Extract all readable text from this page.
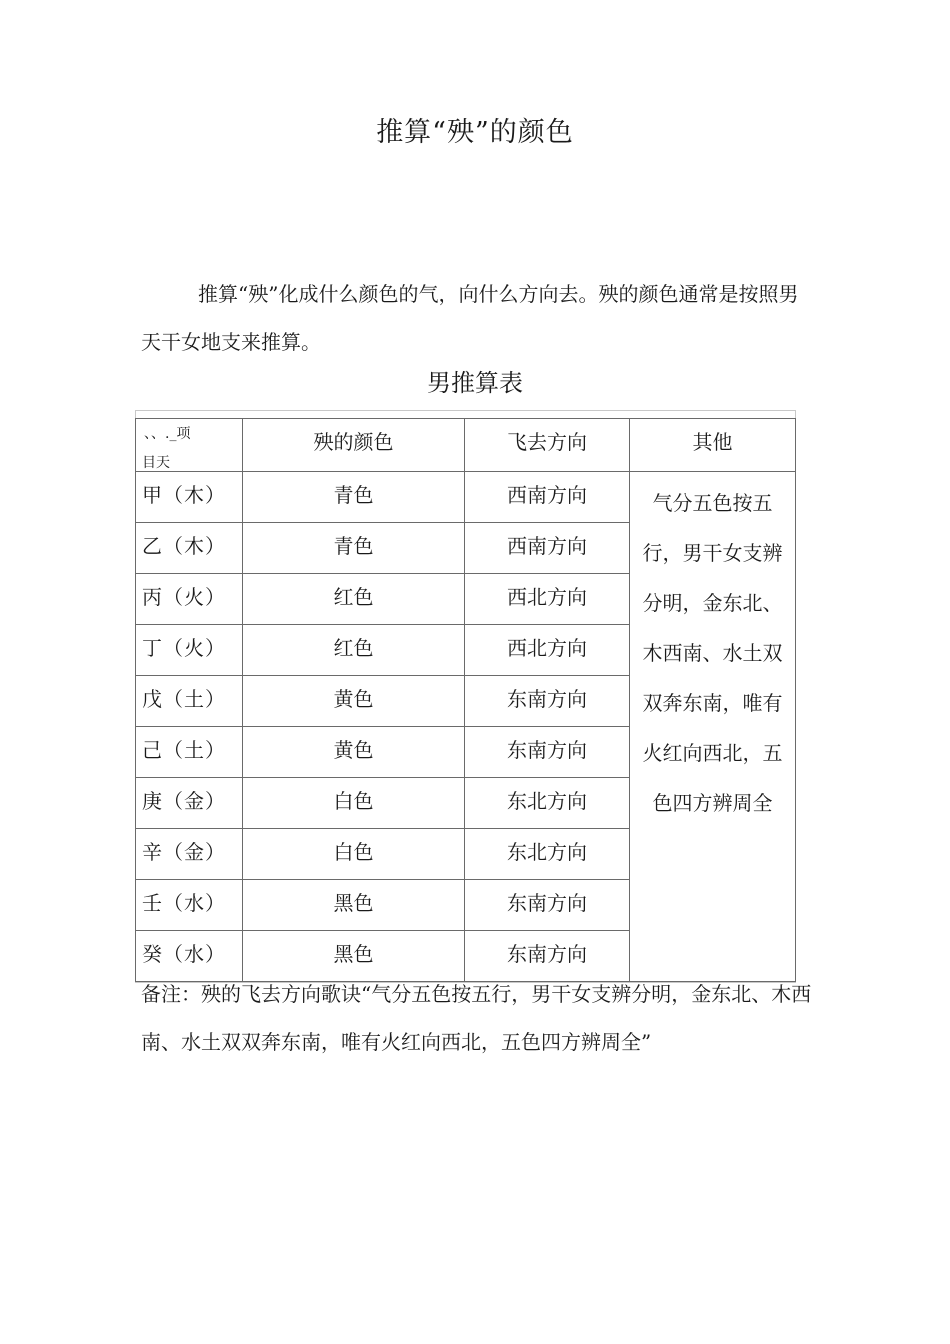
推算“殃”的颜色
推算“殃”化成什么颜色的气，向什么方向去。殃的颜色通常是按照男天干女地支来推算。
男推算表
、、._项
目天	殃的颜色	飞去方向	其他
甲（木）	青色	西南方向	气分五色按五行，男干女支辨分明，金东北、木西南、水土双双奔东南，唯有火红向西北，五色四方辨周全

乙（木）	青色	西南方向	
丙（火）	红色	西北方向	
丁（火）	红色	西北方向	
戊（土）	黄色	东南方向	
己（土）	黄色	东南方向	
庚（金）	白色	东北方向	
辛（金）	白色	东北方向	
壬（水）	黑色	东南方向	
癸（水）	黑色	东南方向	
备注：殃的飞去方向歌诀“气分五色按五行，男干女支辨分明，金东北、木西南、水土双双奔东南，唯有火红向西北，五色四方辨周全”
